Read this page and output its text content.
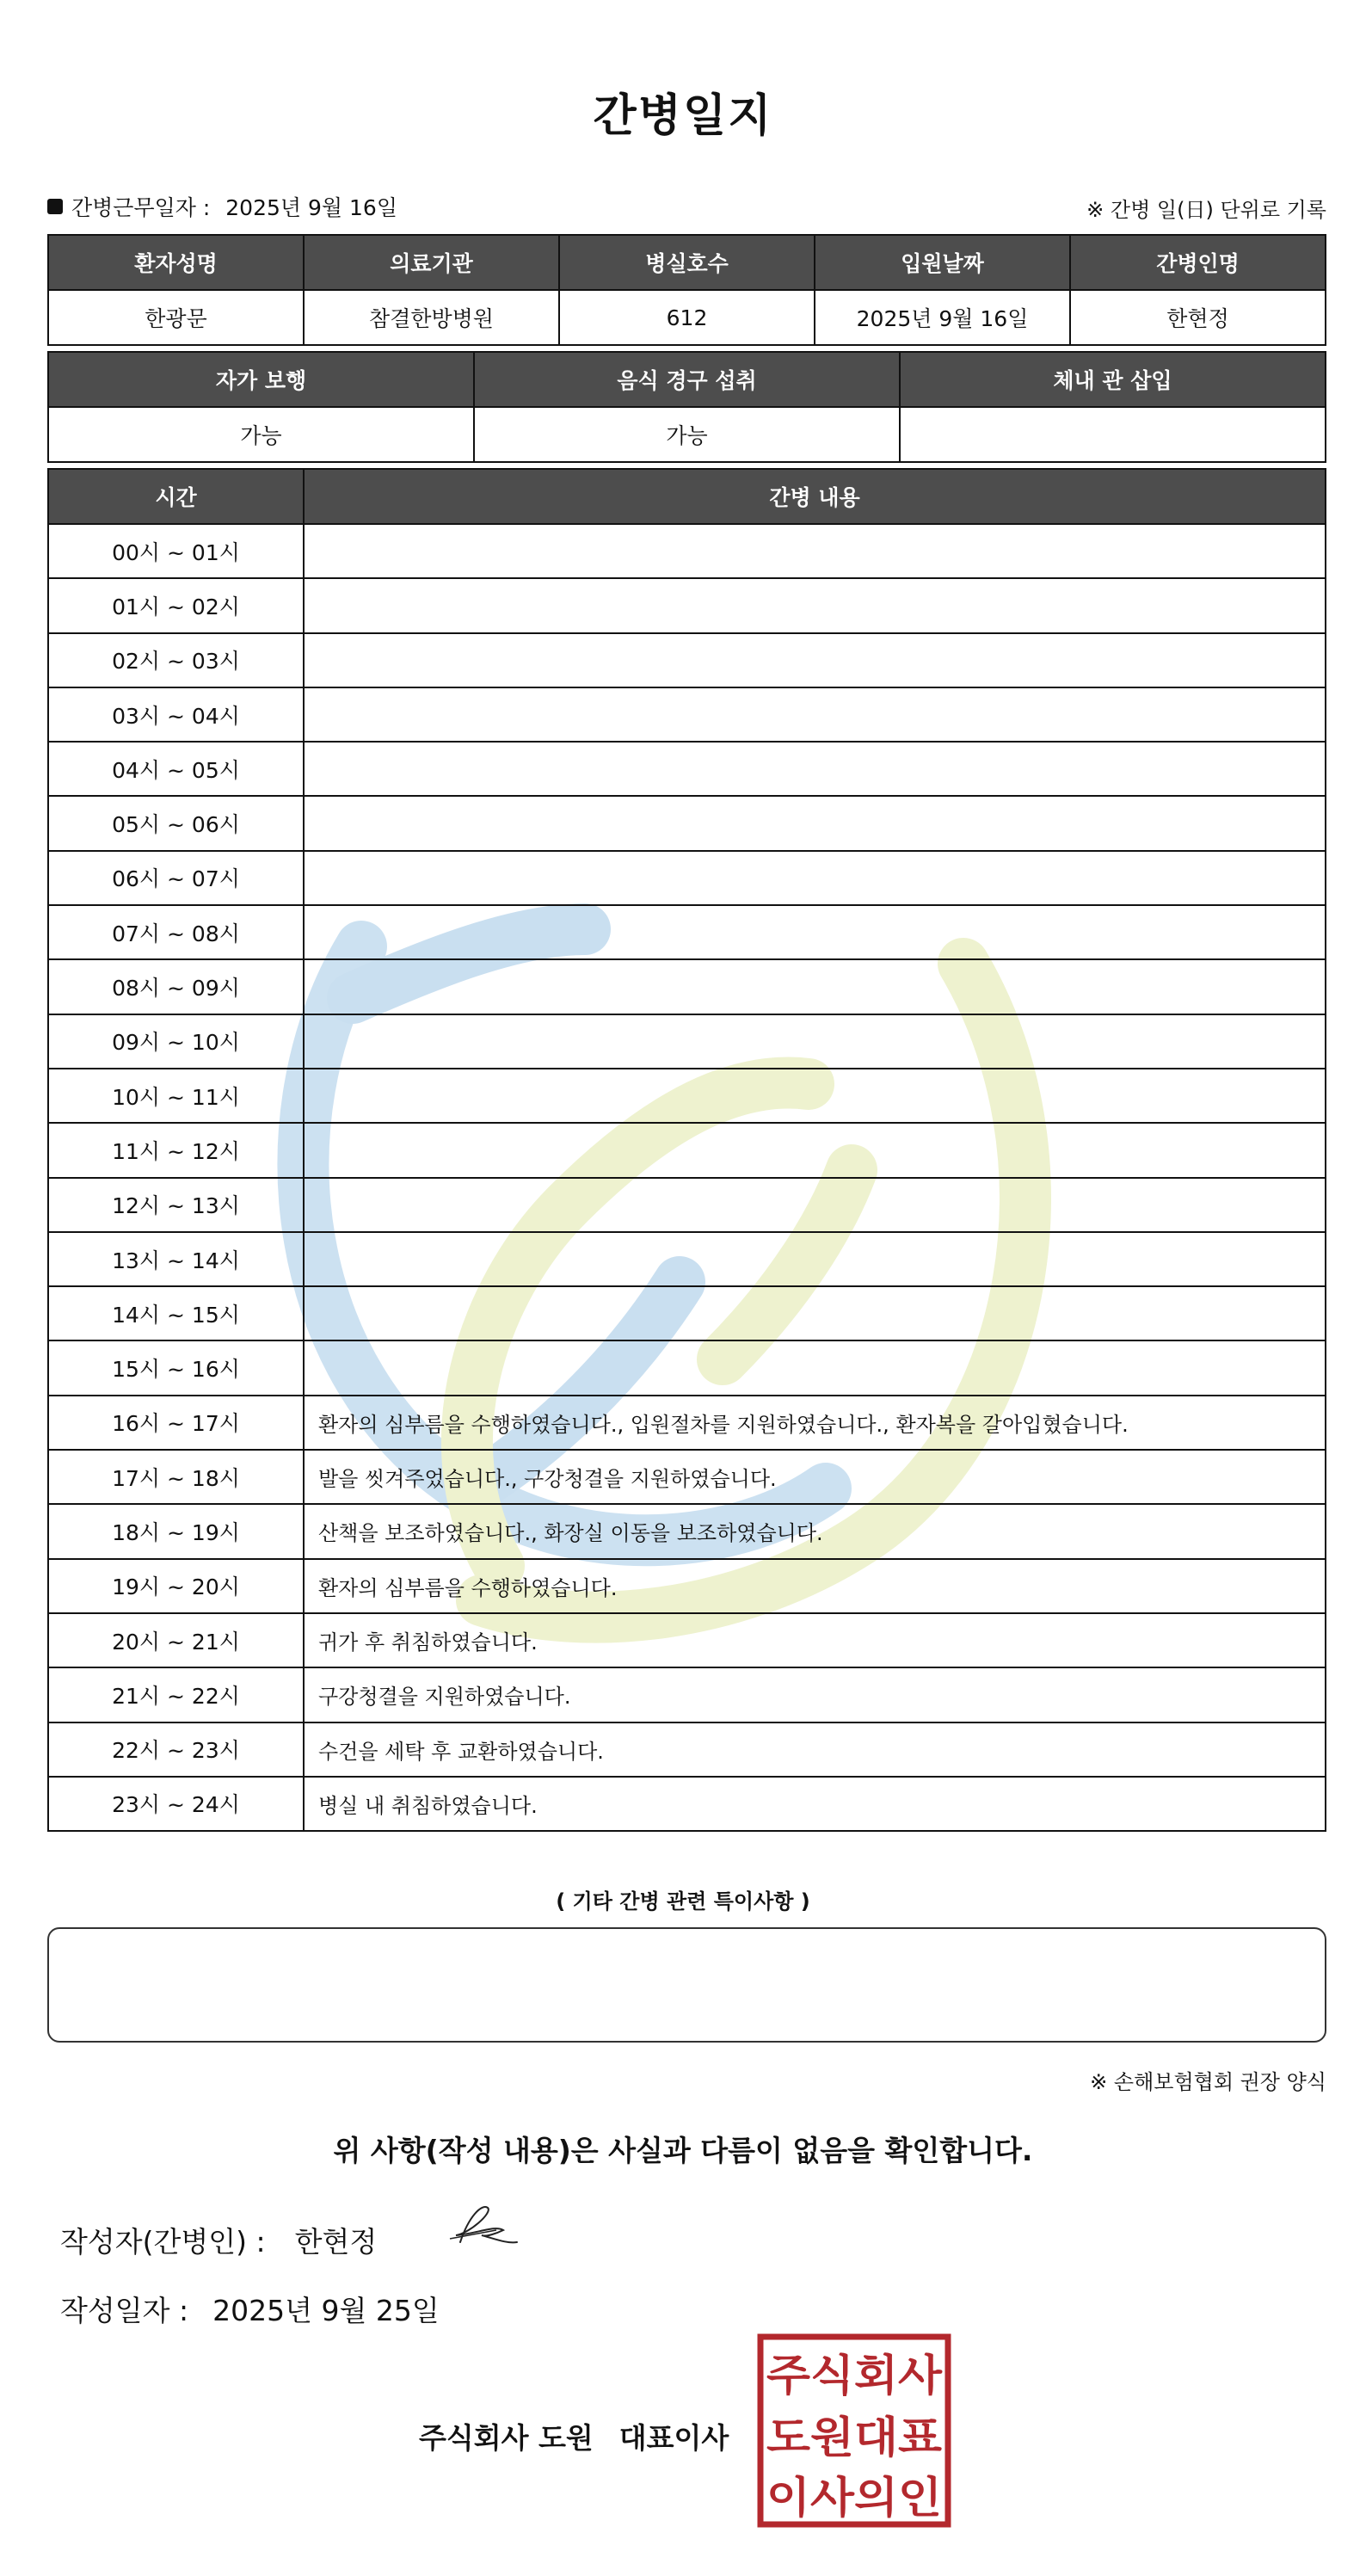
간병일지
간병근무일자 : 2025년 9월 16일	※ 간병 일(日) 단위로 기록
환자성명	의료기관	병실호수	입원날짜	간병인명
한광문	참결한방병원	612	2025년 9월 16일	한현정
자가 보행	음식 경구 섭취	체내 관 삽입
가능	가능	
시간	간병 내용
00시 ~ 01시	
01시 ~ 02시	
02시 ~ 03시	
03시 ~ 04시	
04시 ~ 05시	
05시 ~ 06시	
06시 ~ 07시	
07시 ~ 08시	
08시 ~ 09시	
09시 ~ 10시	
10시 ~ 11시	
11시 ~ 12시	
12시 ~ 13시	
13시 ~ 14시	
14시 ~ 15시	
15시 ~ 16시	
16시 ~ 17시	환자의 심부름을 수행하였습니다., 입원절차를 지원하였습니다., 환자복을 갈아입혔습니다.
17시 ~ 18시	발을 씻겨주었습니다., 구강청결을 지원하였습니다.
18시 ~ 19시	산책을 보조하였습니다., 화장실 이동을 보조하였습니다.
19시 ~ 20시	환자의 심부름을 수행하였습니다.
20시 ~ 21시	귀가 후 취침하였습니다.
21시 ~ 22시	구강청결을 지원하였습니다.
22시 ~ 23시	수건을 세탁 후 교환하였습니다.
23시 ~ 24시	병실 내 취침하였습니다.
( 기타 간병 관련 특이사항 )
※ 손해보험협회 권장 양식
위 사항(작성 내용)은 사실과 다름이 없음을 확인합니다.
작성자(간병인) : 한현정
작성일자 : 2025년 9월 25일
주식회사 도원 대표이사
주식회사
도원대표
이사의인
